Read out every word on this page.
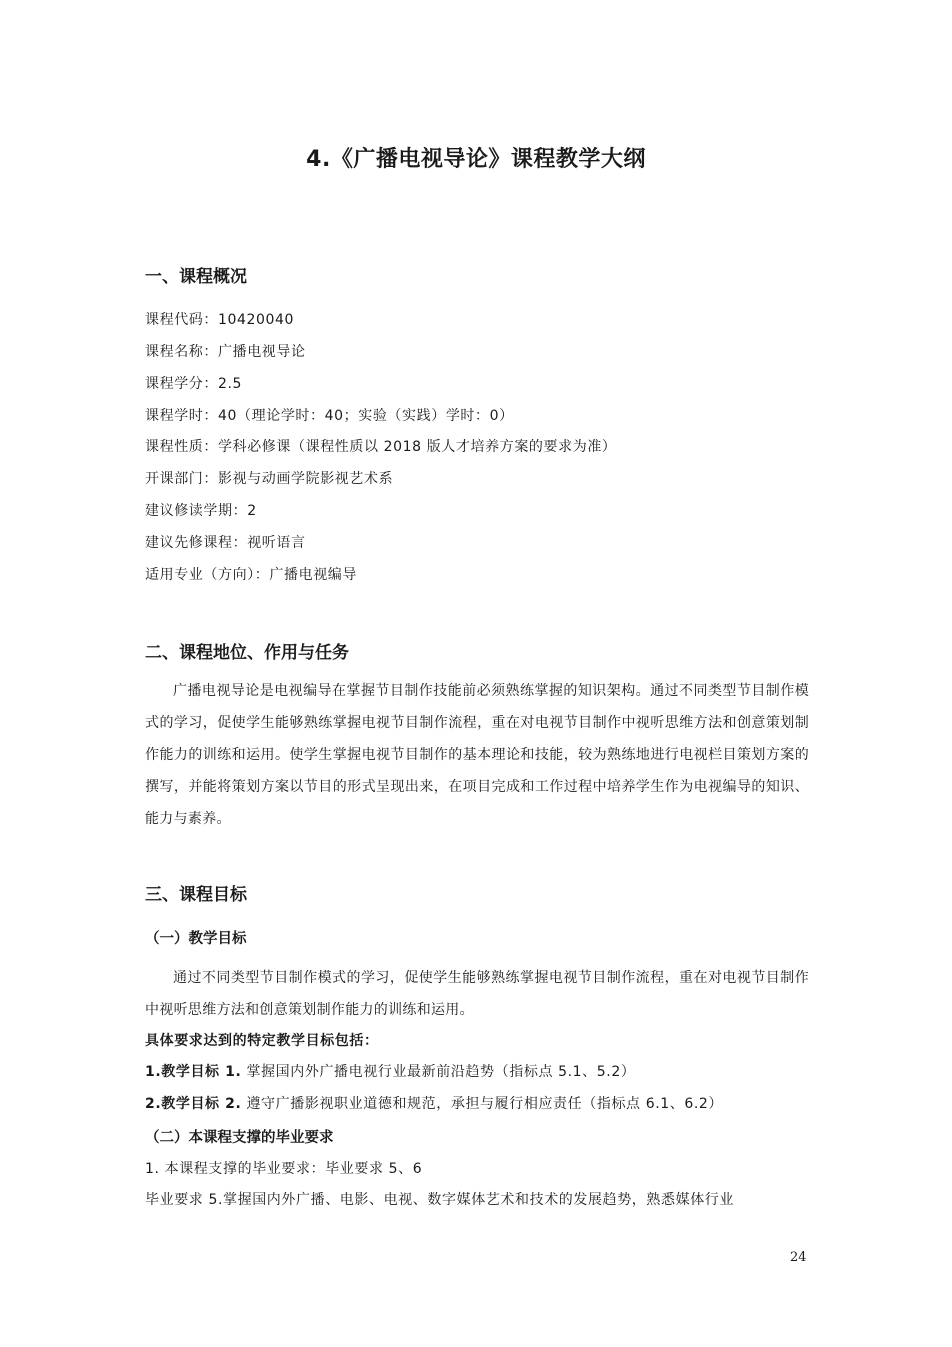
4.《广播电视导论》课程教学大纲
一、课程概况
课程代码：10420040
课程名称：广播电视导论
课程学分：2.5
课程学时：40（理论学时：40；实验（实践）学时：0）
课程性质：学科必修课（课程性质以 2018 版人才培养方案的要求为准）
开课部门：影视与动画学院影视艺术系
建议修读学期：2
建议先修课程：视听语言
适用专业（方向）：广播电视编导
二、课程地位、作用与任务

广播电视导论是电视编导在掌握节目制作技能前必须熟练掌握的知识架构。通过不同类型节目制作模式的学习，促使学生能够熟练掌握电视节目制作流程，重在对电视节目制作中视听思维方法和创意策划制作能力的训练和运用。使学生掌握电视节目制作的基本理论和技能，较为熟练地进行电视栏目策划方案的撰写，并能将策划方案以节目的形式呈现出来，在项目完成和工作过程中培养学生作为电视编导的知识、能力与素养。

三、课程目标
（一）教学目标

通过不同类型节目制作模式的学习，促使学生能够熟练掌握电视节目制作流程，重在对电视节目制作中视听思维方法和创意策划制作能力的训练和运用。

具体要求达到的特定教学目标包括：
1.教学目标 1. 掌握国内外广播电视行业最新前沿趋势（指标点 5.1、5.2）
2.教学目标 2. 遵守广播影视职业道德和规范，承担与履行相应责任（指标点 6.1、6.2）
（二）本课程支撑的毕业要求
1. 本课程支撑的毕业要求：毕业要求 5、6
毕业要求 5.掌握国内外广播、电影、电视、数字媒体艺术和技术的发展趋势，熟悉媒体行业
24
